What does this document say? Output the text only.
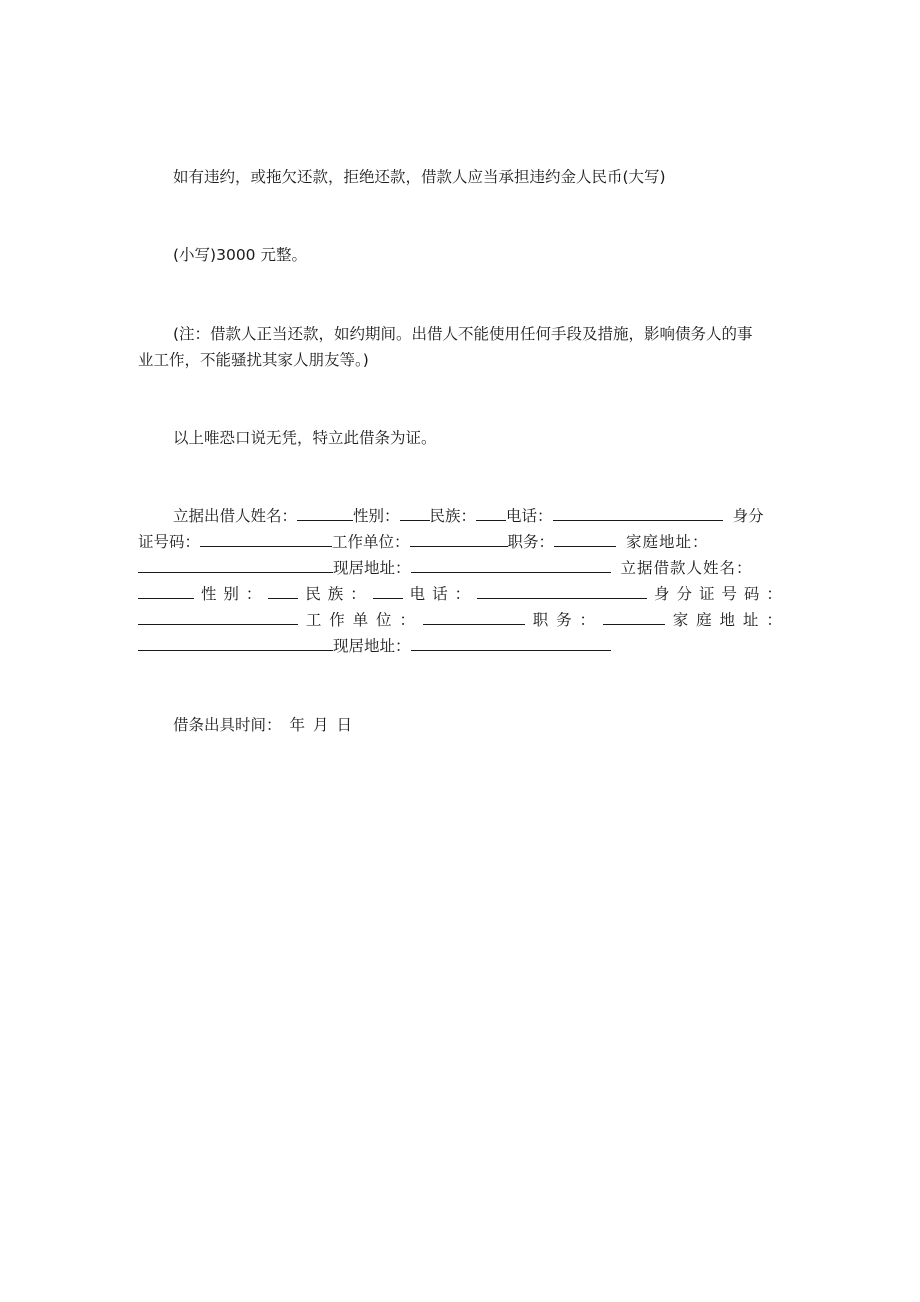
如有违约，或拖欠还款，拒绝还款，借款人应当承担违约金人民币(大写)
(小写)3000 元整。
(注：借款人正当还款，如约期间。出借人不能使用任何手段及措施，影响债务人的事
业工作，不能骚扰其家人朋友等。)
以上唯恐口说无凭，特立此借条为证。
立据出借人姓名：	性别： 民族： 电话：	身分
证号码：	工作单位：	职务：	家庭地址：
现居地址：	立据借款人姓名：
性 别 ：	民 族 ：	电 话 ：	身 分 证 号 码 ：
工 作 单 位 ：	职 务 ：	家 庭 地 址 ：
现居地址：
借条出具时间： 年 月 日
